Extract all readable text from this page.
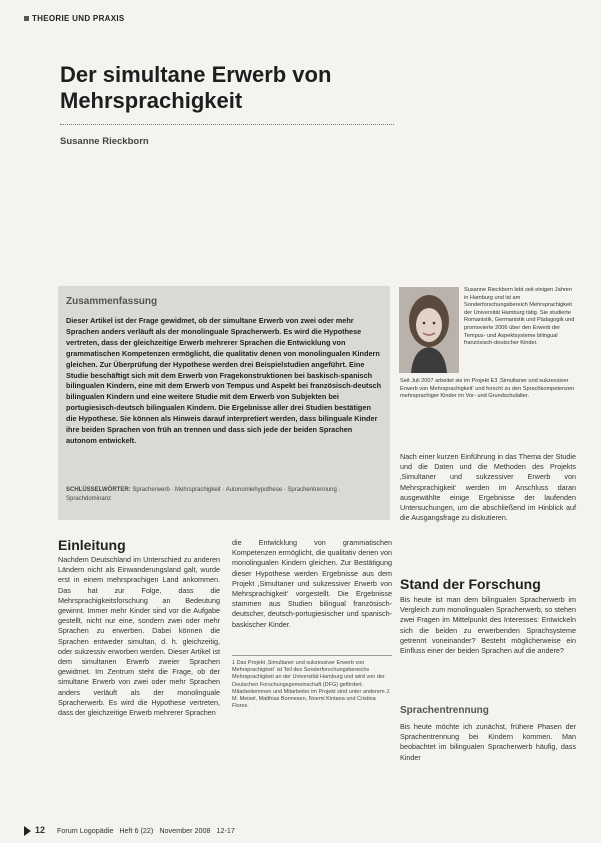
THEORIE UND PRAXIS
Der simultane Erwerb von
Mehrsprachigkeit
Susanne Rieckborn
Zusammenfassung
Dieser Artikel ist der Frage gewidmet, ob der simultane Erwerb von zwei oder mehr Sprachen anders verläuft als der monolinguale Spracherwerb. Es wird die Hypothese vertreten, dass der gleichzeitige Erwerb mehrerer Sprachen die Entwicklung von grammatischen Kompetenzen ermöglicht, die qualitativ denen von monolingualen Kindern gleichen. Zur Überprüfung der Hypothese werden drei Beispielstudien angeführt. Eine Studie beschäftigt sich mit dem Erwerb von Fragekonstruktionen bei baskisch-spanisch bilingualen Kindern, eine mit dem Erwerb von Tempus und Aspekt bei französisch-deutsch bilingualen Kindern und eine weitere Studie mit dem Erwerb von Subjekten bei portugiesisch-deutsch bilingualen Kindern. Die Ergebnisse aller drei Studien bestätigen die Hypothese. Sie können als Hinweis darauf interpretiert werden, dass bilinguale Kinder ihre beiden Sprachen von früh an trennen und dass sich jede der beiden Sprachen autonom entwickelt.
SCHLÜSSELWÖRTER: Spracherwerb · Mehrsprachigkeit · Autonomiehypothese · Sprachentrennung · Sprachdominanz
Susanne Rieckborn lebt seit einigen Jahren in Hamburg und ist am Sonderforschungsbereich Mehrsprachigkeit der Universität Hamburg tätig. Sie studierte Romanistik, Germanistik und Pädagogik und promovierte 2006 über den Erwerb der Tempus- und Aspektsysteme bilingual französisch-deutscher Kinder.
Seit Juli 2007 arbeitet sie im Projekt E3 ‚Simultaner und sukzessiver Erwerb von Mehrsprachigkeit‘ und forscht zu den Sprachkompetenzen mehrsprachiger Kinder im Vor- und Grundschulalter.
Einleitung
Nachdem Deutschland im Unterschied zu anderen Ländern nicht als Einwanderungsland galt, wurde erst in einem mehrsprachigen Land ankommen. Das hat zur Folge, dass die Mehrsprachigkeitsforschung an Bedeutung gewinnt. Immer mehr Kinder sind vor die Aufgabe gestellt, nicht nur eine, sondern zwei oder mehr Sprachen zu erwerben. Dabei können die Sprachen entweder simultan, d. h. gleichzeitig, oder sukzessiv erworben werden. Dieser Artikel ist dem simultanen Erwerb zweier Sprachen gewidmet. Im Zentrum steht die Frage, ob der simultane Erwerb von zwei oder mehr Sprachen anders verläuft als der monolinguale Spracherwerb. Es wird die Hypothese vertreten, dass der gleichzeitige Erwerb mehrerer Sprachen
die Entwicklung von grammatischen Kompetenzen ermöglicht, die qualitativ denen von monolingualen Kindern gleichen. Zur Bestätigung dieser Hypothese werden Ergebnisse aus dem Projekt ‚Simultaner und sukzessiver Erwerb von Mehrsprachigkeit‘ vorgestellt. Die Ergebnisse stammen aus Studien bilingual französisch-deutscher, deutsch-portugiesischer und spanisch-baskischer Kinder.
1 Das Projekt ‚Simultaner und sukzessiver Erwerb von Mehrsprachigkeit‘ ist Teil des Sonderforschungsbereichs Mehrsprachigkeit an der Universität Hamburg und wird von der Deutschen Forschungsgemeinschaft (DFG) gefördert. Mitarbeiterinnen und Mitarbeiter im Projekt sind unter anderem J. M. Meisel, Matthias Bonnesen, Noemi Kintana und Cristina Flores.
Nach einer kurzen Einführung in das Thema der Studie und die Daten und die Methoden des Projekts ‚Simultaner und sukzessiver Erwerb von Mehrsprachigkeit‘ werden im Anschluss daran ausgewählte einige Ergebnisse der laufenden Untersuchungen, um die abschließend im Hinblick auf die Ausgangsfrage zu diskutieren.
Stand der Forschung
Bis heute ist man dem bilingualen Spracherwerb im Vergleich zum monolingualen Spracherwerb, so stehen zwei Fragen im Mittelpunkt des Interesses: Entwickeln sich die beiden zu erwerbenden Sprachsysteme getrennt voneinander? Besteht möglicherweise ein Einfluss einer der beiden Sprachen auf die andere?
Sprachentrennung
Bis heute möchte ich zunächst, frühere Phasen der Sprachentrennung bei Kindern kommen. Man beobachtet im bilingualen Spracherwerb häufig, dass Kinder
12 Forum Logopädie Heft 6 (22) November 2008 12-17
